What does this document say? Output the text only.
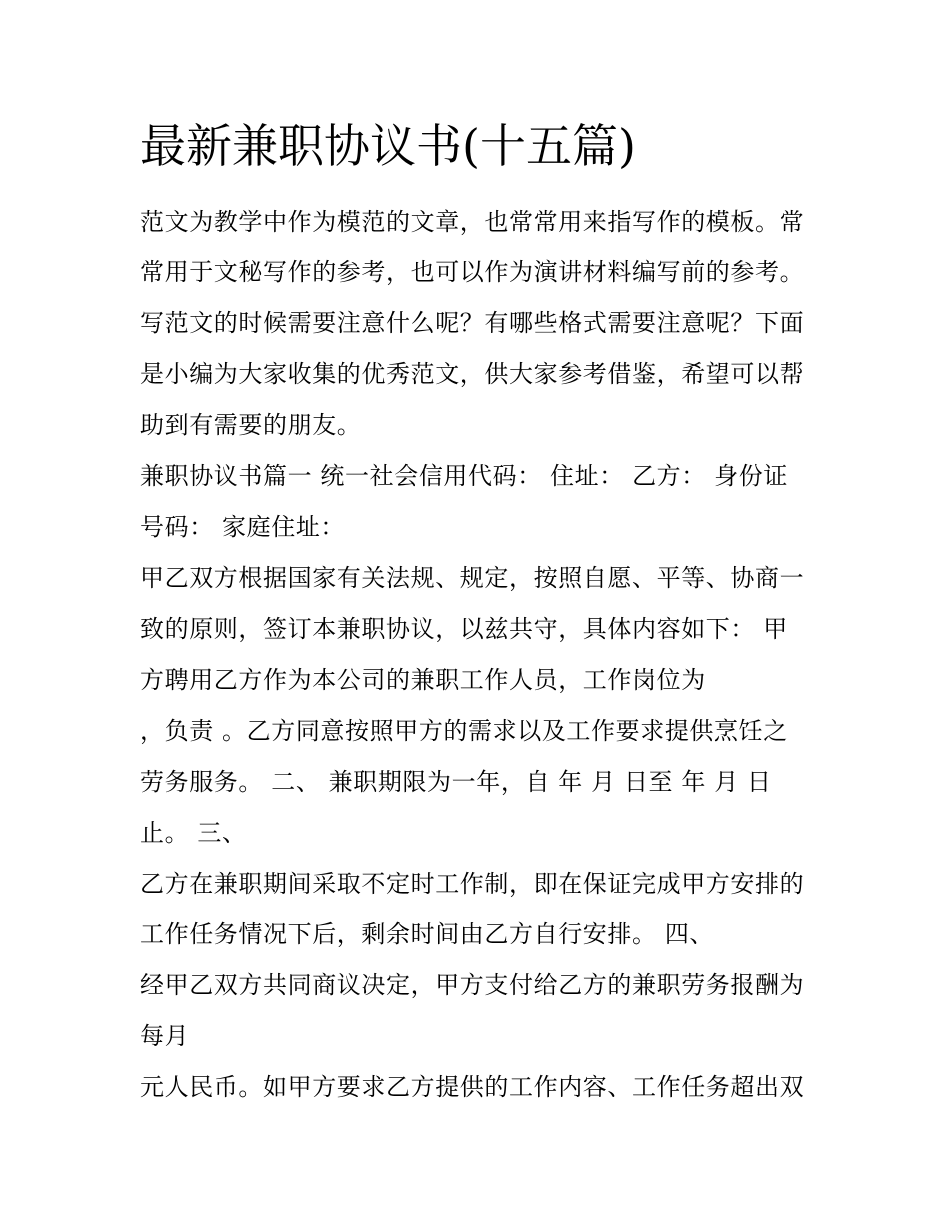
最新兼职协议书(十五篇)
范文为教学中作为模范的文章，也常常用来指写作的模板。常
常用于文秘写作的参考，也可以作为演讲材料编写前的参考。
写范文的时候需要注意什么呢？有哪些格式需要注意呢？下面
是小编为大家收集的优秀范文，供大家参考借鉴，希望可以帮
助到有需要的朋友。
兼职协议书篇一 统一社会信用代码： 住址： 乙方： 身份证
号码： 家庭住址：
甲乙双方根据国家有关法规、规定，按照自愿、平等、协商一
致的原则，签订本兼职协议，以兹共守，具体内容如下： 甲
方聘用乙方作为本公司的兼职工作人员，工作岗位为
，负责 。乙方同意按照甲方的需求以及工作要求提供烹饪之
劳务服务。 二、 兼职期限为一年，自 年 月 日至 年 月 日
止。 三、
乙方在兼职期间采取不定时工作制，即在保证完成甲方安排的
工作任务情况下后，剩余时间由乙方自行安排。 四、
经甲乙双方共同商议决定，甲方支付给乙方的兼职劳务报酬为
每月
元人民币。如甲方要求乙方提供的工作内容、工作任务超出双
